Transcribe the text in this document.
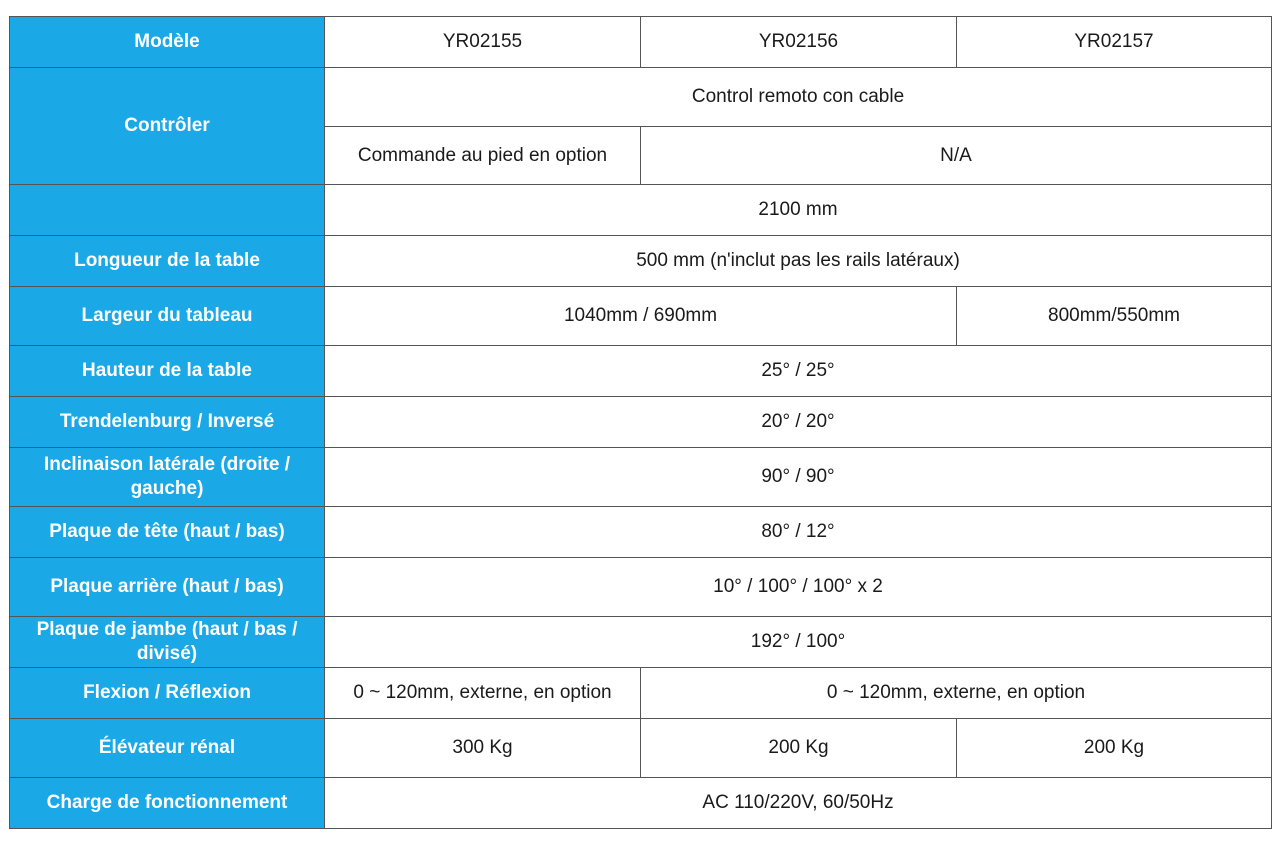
Modèle	YR02155	YR02156	YR02157
Contrôler	Control remoto con cable		
	Commande au pied en option	N/A	
	2100 mm		
Longueur de la table	500 mm (n'inclut pas les rails latéraux)		
Largeur du tableau	1040mm / 690mm		800mm/550mm
Hauteur de la table	25° / 25°		
Trendelenburg / Inversé	20° / 20°		
Inclinaison latérale (droite / gauche)	90° / 90°		
Plaque de tête (haut / bas)	80° / 12°		
Plaque arrière (haut / bas)	10° / 100° / 100° x 2		
Plaque de jambe (haut / bas / divisé)	192° / 100°		
Flexion / Réflexion	0 ~ 120mm, externe, en option	0 ~ 120mm, externe, en option	
Élévateur rénal	300 Kg	200 Kg	200 Kg
Charge de fonctionnement	AC 110/220V, 60/50Hz		
